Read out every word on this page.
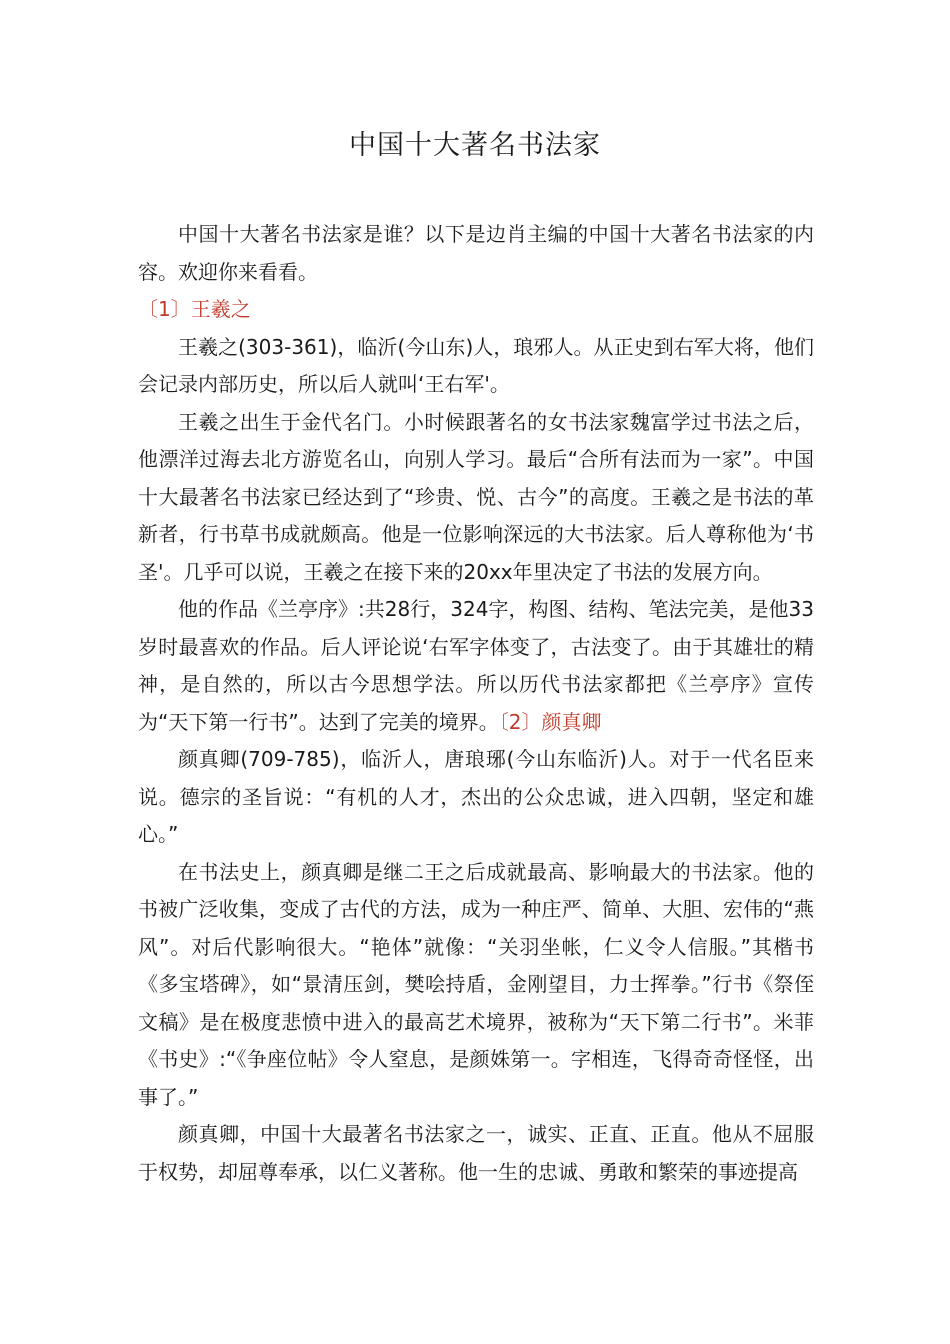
中国十大著名书法家

中国十大著名书法家是谁？以下是边肖主编的中国十大著名书法家的内容。欢迎你来看看。

〔1〕王羲之

王羲之(303-361)，临沂(今山东)人，琅邪人。从正史到右军大将，他们会记录内部历史，所以后人就叫‘王右军'。

王羲之出生于金代名门。小时候跟著名的女书法家魏富学过书法之后，他漂洋过海去北方游览名山，向别人学习。最后“合所有法而为一家”。中国十大最著名书法家已经达到了“珍贵、悦、古今”的高度。王羲之是书法的革新者，行书草书成就颇高。他是一位影响深远的大书法家。后人尊称他为‘书圣'。几乎可以说，王羲之在接下来的20xx年里决定了书法的发展方向。

他的作品《兰亭序》:共28行，324字，构图、结构、笔法完美，是他33岁时最喜欢的作品。后人评论说‘右军字体变了，古法变了。由于其雄壮的精神，是自然的，所以古今思想学法。所以历代书法家都把《兰亭序》宣传为“天下第一行书”。达到了完美的境界。〔2〕颜真卿

颜真卿(709-785)，临沂人，唐琅琊(今山东临沂)人。对于一代名臣来说。德宗的圣旨说：“有机的人才，杰出的公众忠诚，进入四朝，坚定和雄心。”

在书法史上，颜真卿是继二王之后成就最高、影响最大的书法家。他的书被广泛收集，变成了古代的方法，成为一种庄严、简单、大胆、宏伟的“燕风”。对后代影响很大。“艳体”就像：“关羽坐帐，仁义令人信服。”其楷书《多宝塔碑》，如“景清压剑，樊哙持盾，金刚望目，力士挥拳。”行书《祭侄文稿》是在极度悲愤中进入的最高艺术境界，被称为“天下第二行书”。米菲《书史》:“《争座位帖》令人窒息，是颜姝第一。字相连，飞得奇奇怪怪，出事了。”

颜真卿，中国十大最著名书法家之一，诚实、正直、正直。他从不屈服于权势，却屈尊奉承，以仁义著称。他一生的忠诚、勇敢和繁荣的事迹提高
